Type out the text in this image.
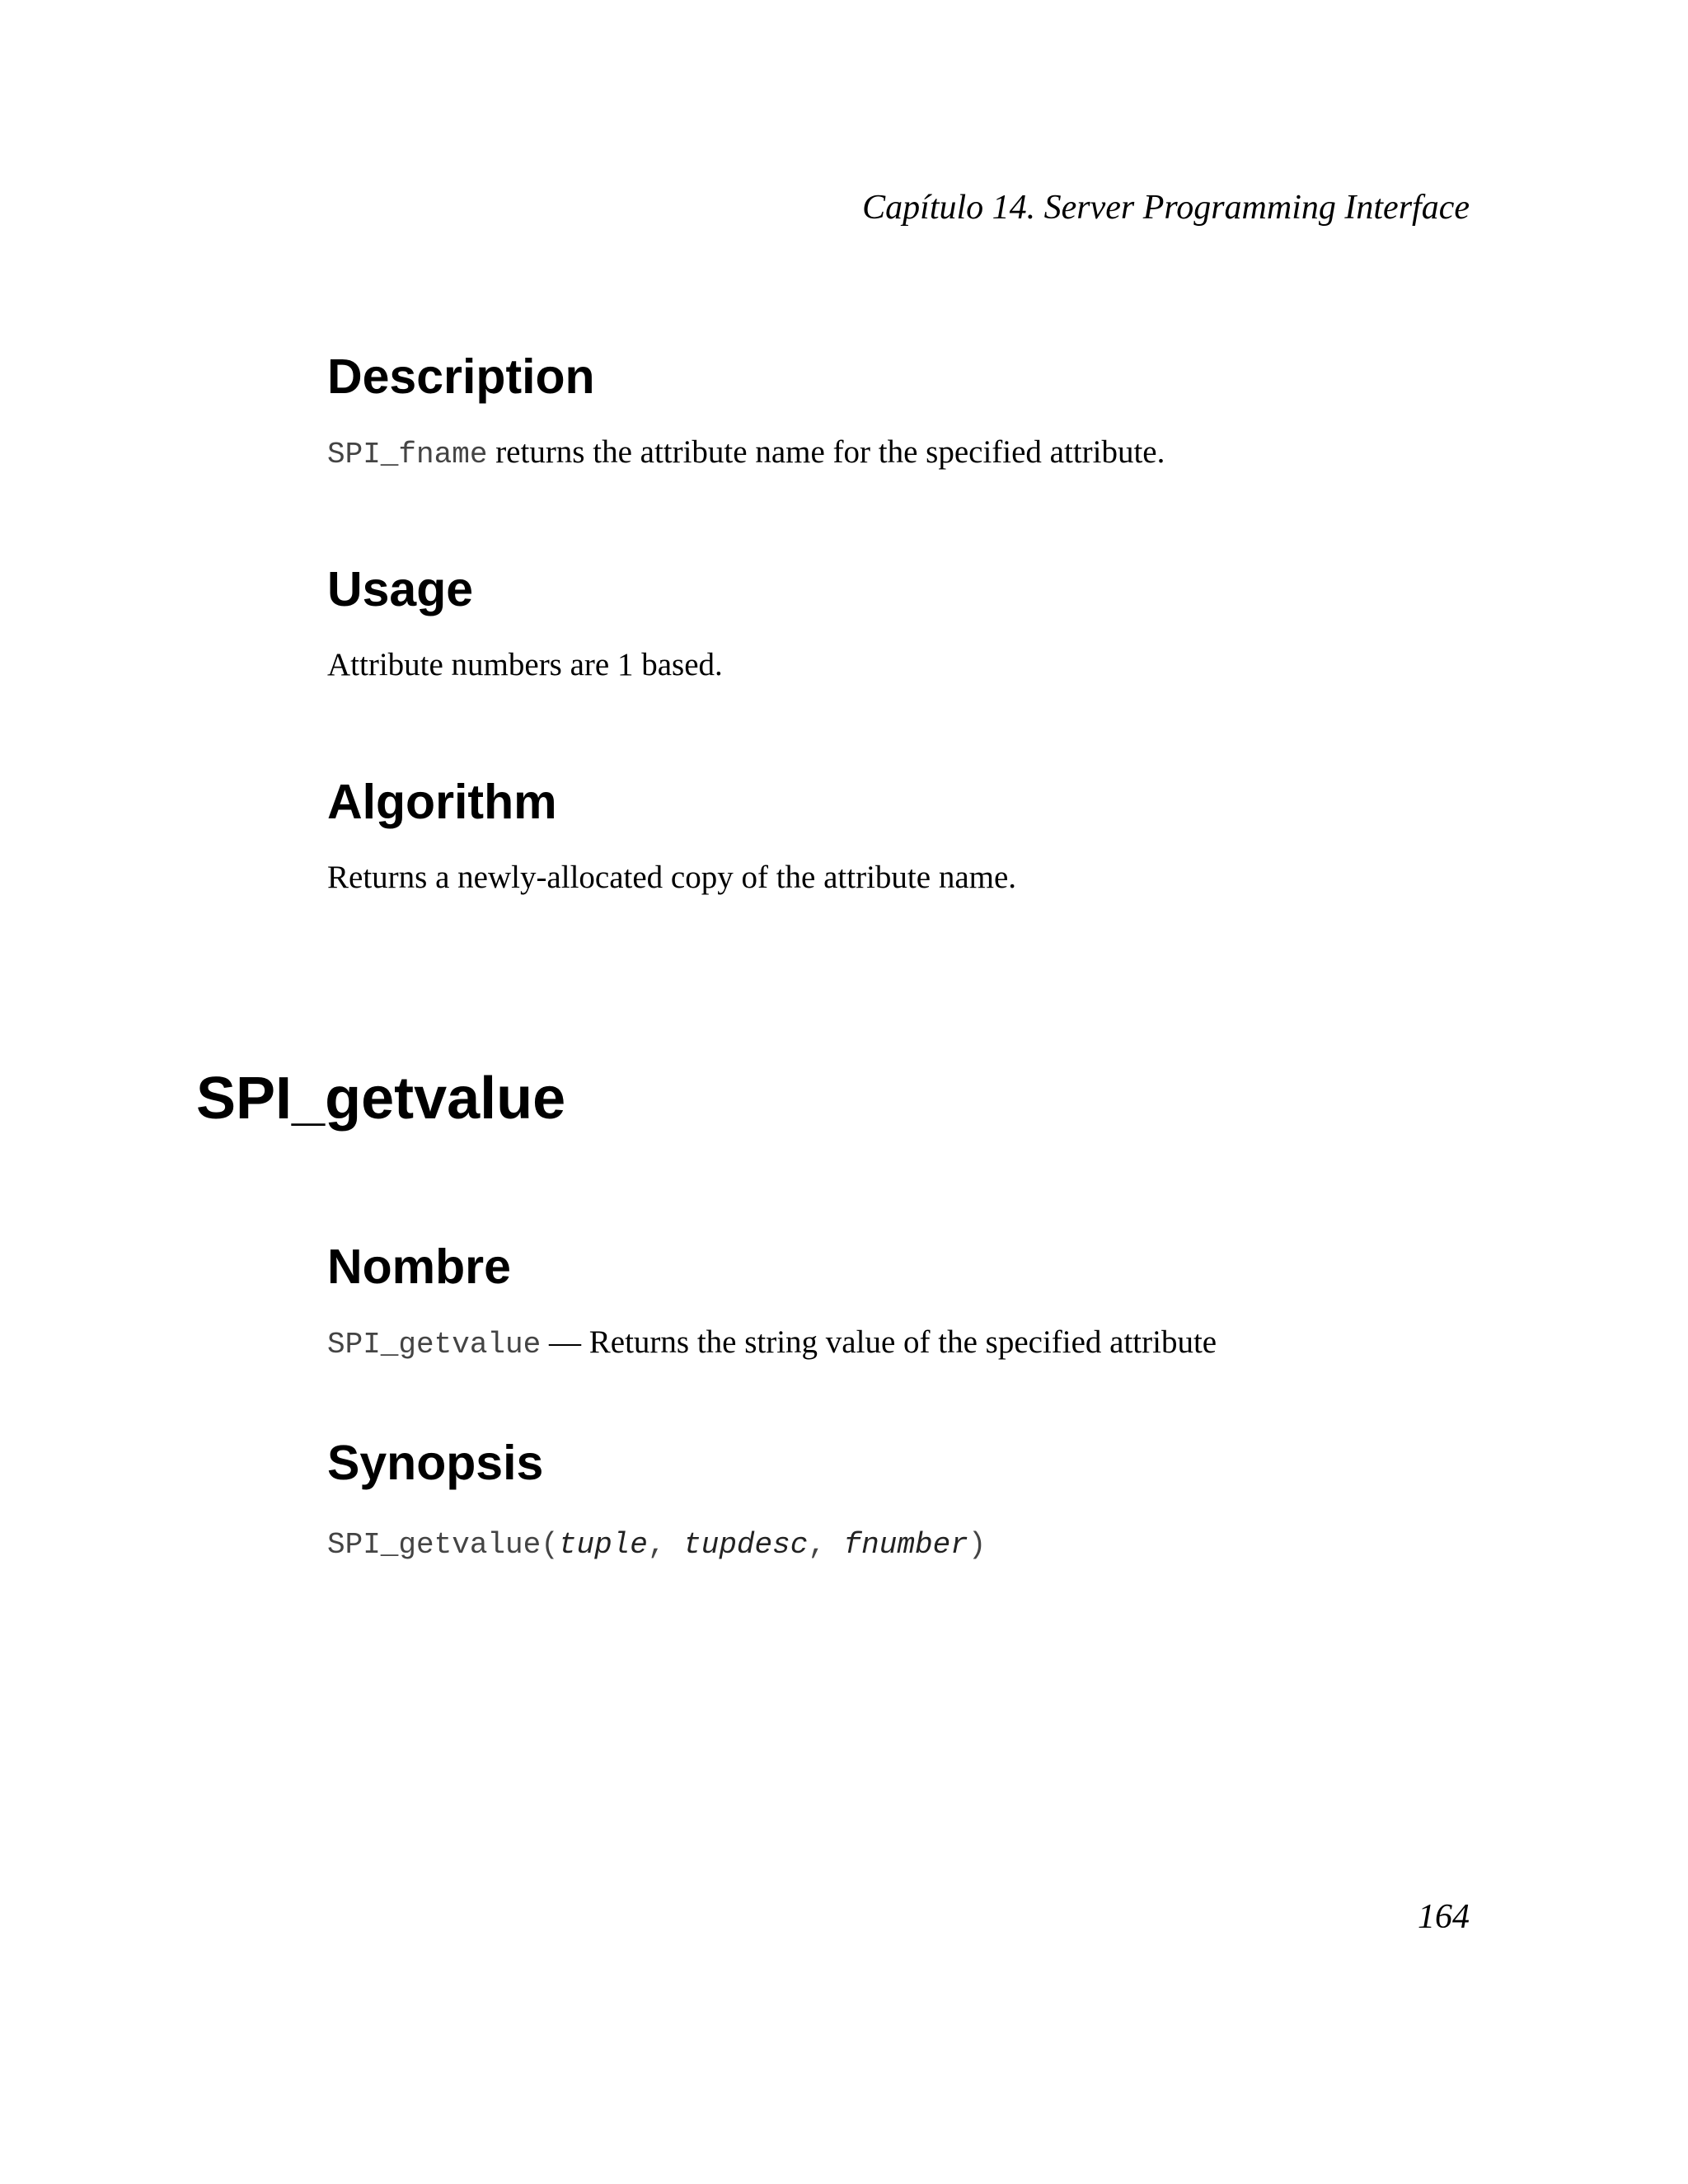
Capítulo 14. Server Programming Interface
Description
SPI_fname returns the attribute name for the specified attribute.
Usage
Attribute numbers are 1 based.
Algorithm
Returns a newly-allocated copy of the attribute name.
SPI_getvalue
Nombre
SPI_getvalue — Returns the string value of the specified attribute
Synopsis
SPI_getvalue(tuple, tupdesc, fnumber)
164
